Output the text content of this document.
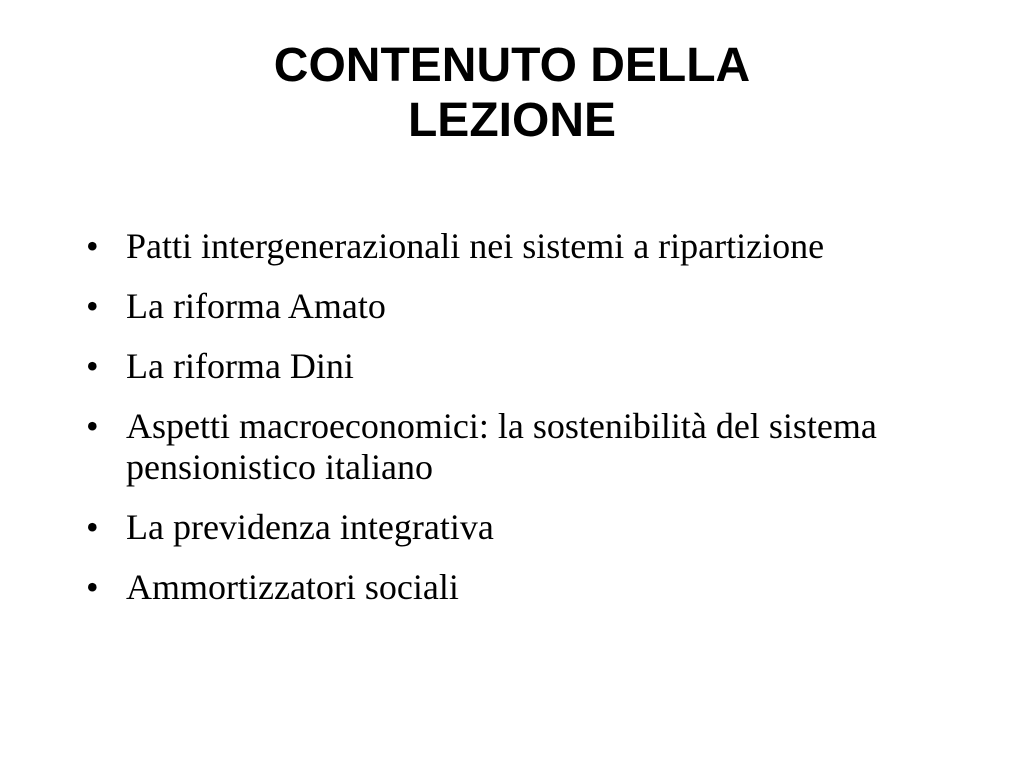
CONTENUTO DELLA
LEZIONE
• Patti intergenerazionali nei sistemi a ripartizione
• La riforma Amato
• La riforma Dini
• Aspetti macroeconomici: la sostenibilità del sistema pensionistico italiano
• La previdenza integrativa
• Ammortizzatori sociali
